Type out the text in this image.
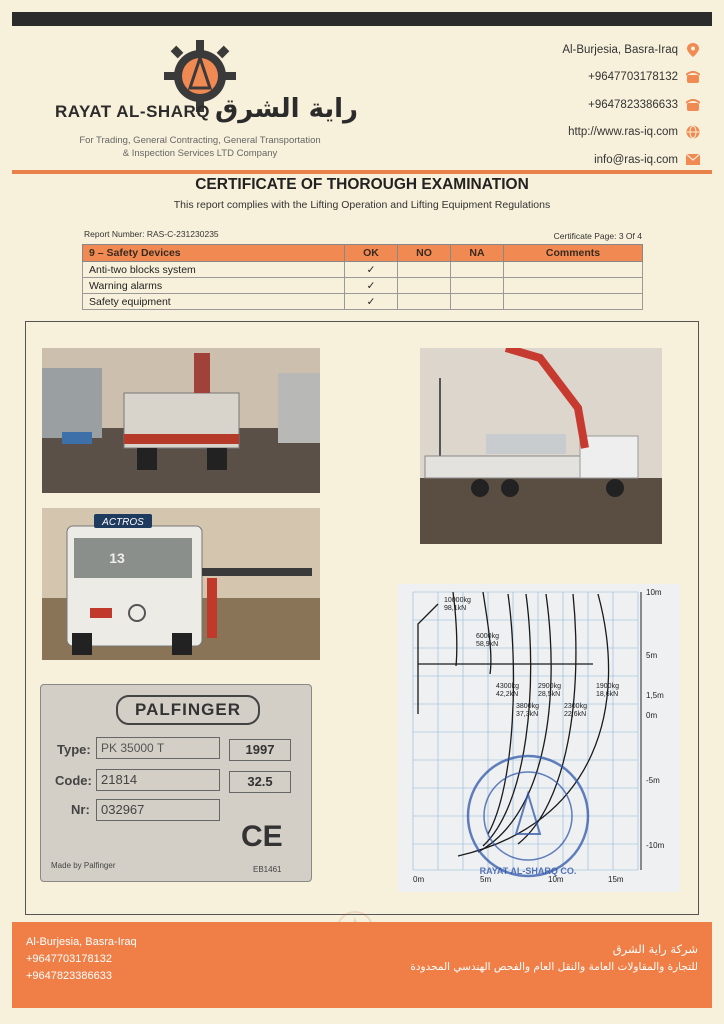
RAYAT AL-SHARQ راية الشرق
For Trading, General Contracting, General Transportation
& Inspection Services LTD Company
Al-Burjesia, Basra-Iraq
+9647703178132
+9647823386633
http://www.ras-iq.com
info@ras-iq.com
CERTIFICATE OF THOROUGH EXAMINATION
This report complies with the Lifting Operation and Lifting Equipment Regulations
Report Number: RAS-C-231230235	Certificate Page: 3 Of 4
9 – Safety Devices	OK	NO	NA	Comments
Anti-two blocks system	✓			
Warning alarms	✓			
Safety equipment	✓			
ACTROS
13
PALFINGER
Type: PK 35000 T	1997
Code: 21814	32.5
Nr: 032967
CE
Made by Palfinger	EB1461
10000kg
98,1kN
6000kg
58,9kN
4300kg
42,2kN
2900kg
28,5kN
1900kg
18,6kN
3800kg
37,3kN
2300kg
22,6kN
10m
5m
1,5m
0m
-5m
-10m
0m	5m	10m	15m
RAYAT AL-SHARQ CO.
Al-Burjesia, Basra-Iraq
+9647703178132
+9647823386633
شركة راية الشرق
للتجارة والمقاولات العامة والنقل العام والفحص الهندسي المحدودة
